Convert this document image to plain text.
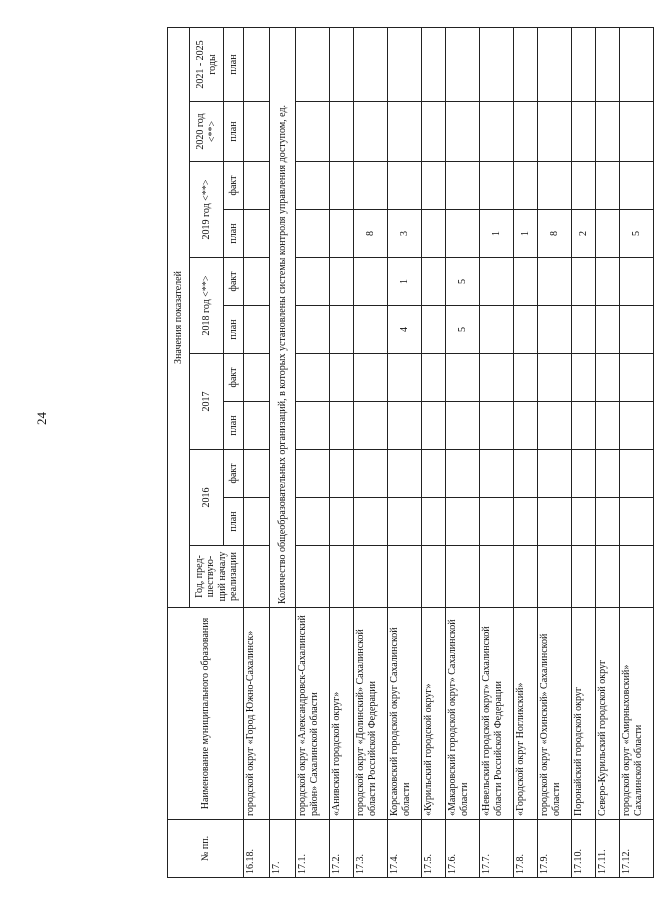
24
№ пп.	Наименование муниципального образования	Значения показателей										
		Год, пред-шествую-щий началу реализации	2016		2017		2018 год <**>		2019 год <**>		2020 год <**>	2021 - 2025 годы
			план	факт	план	факт	план	факт	план	факт	план	план
16.18.	городской округ «Город Южно-Сахалинск»											
17.		Количество общеобразовательных организаций, в которых установлены системы контроля управления доступом, ед.										
17.1.	городской округ «Александровск-Сахалинский район» Сахалинской области											
17.2.	«Анивский городской округ»											
17.3.	городской округ «Долинский» Сахалинской области Российской Федерации								8			
17.4.	Корсаковский городской округ Сахалинской области						4	1	3			
17.5.	«Курильский городской округ»											
17.6.	«Макаровский городской округ» Сахалинской области						5	5				
17.7.	«Невельский городской округ» Сахалинской области Российской Федерации								1			
17.8.	«Городской округ Ногликский»								1			
17.9.	городской округ «Охинский» Сахалинской области								8			
17.10.	Поронайский городской округ								2			
17.11.	Северо-Курильский городской округ											
17.12.	городской округ «Смирныховский» Сахалинской области								5			
